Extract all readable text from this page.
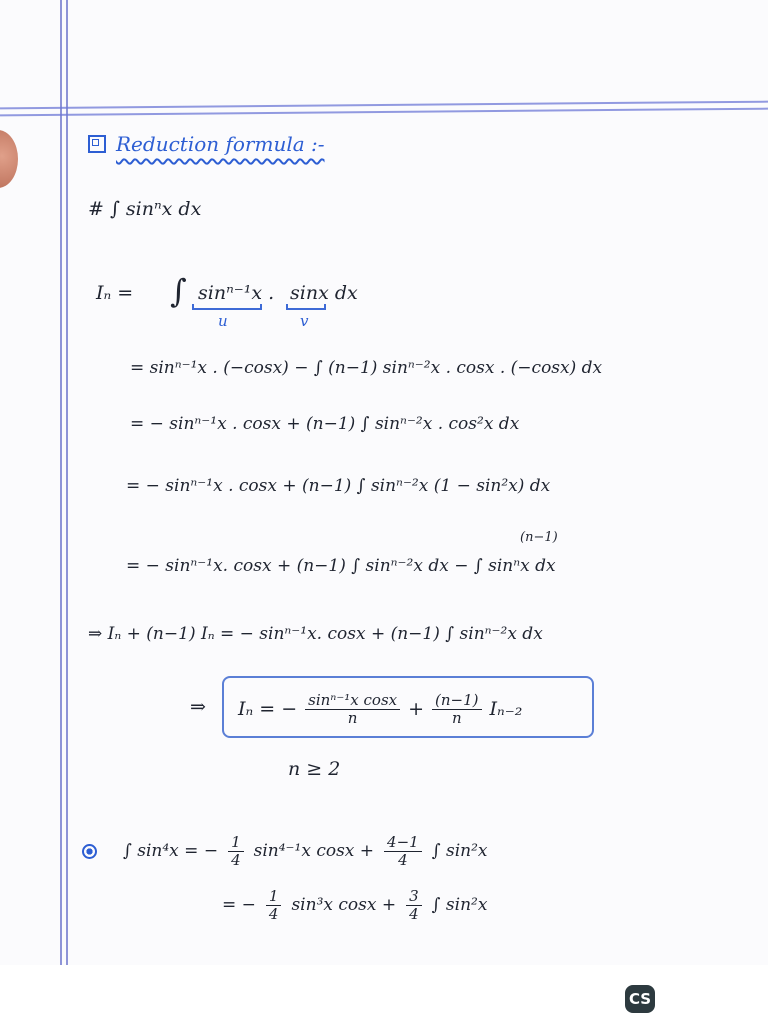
Reduction formula :-
# ∫ sinⁿx dx
Iₙ = ∫ sinⁿ⁻¹x . sinx dx
u	v
= sinⁿ⁻¹x . (−cosx) − ∫ (n−1) sinⁿ⁻²x . cosx . (−cosx) dx
= − sinⁿ⁻¹x . cosx + (n−1) ∫ sinⁿ⁻²x . cos²x dx
= − sinⁿ⁻¹x . cosx + (n−1) ∫ sinⁿ⁻²x (1 − sin²x) dx
(n−1)
= − sinⁿ⁻¹x. cosx + (n−1) ∫ sinⁿ⁻²x dx − ∫ sinⁿx dx
⇒ Iₙ + (n−1) Iₙ = − sinⁿ⁻¹x. cosx + (n−1) ∫ sinⁿ⁻²x dx
⇒ Iₙ = − $\frac{\text{sinⁿ⁻¹x cosx}}{n} + \frac{(n-1)}{n} I_{n-2}$
n ≥ 2
∫ sin⁴x = − $\frac{1}{4} \sin^{4-1}x$ $\cos x + \frac{4-1}{4}$ ∫ sin²x
= − $\frac{1}{4} \sin^3x$ $\cos x + \frac{3}{4}$ ∫ sin²x
CS
